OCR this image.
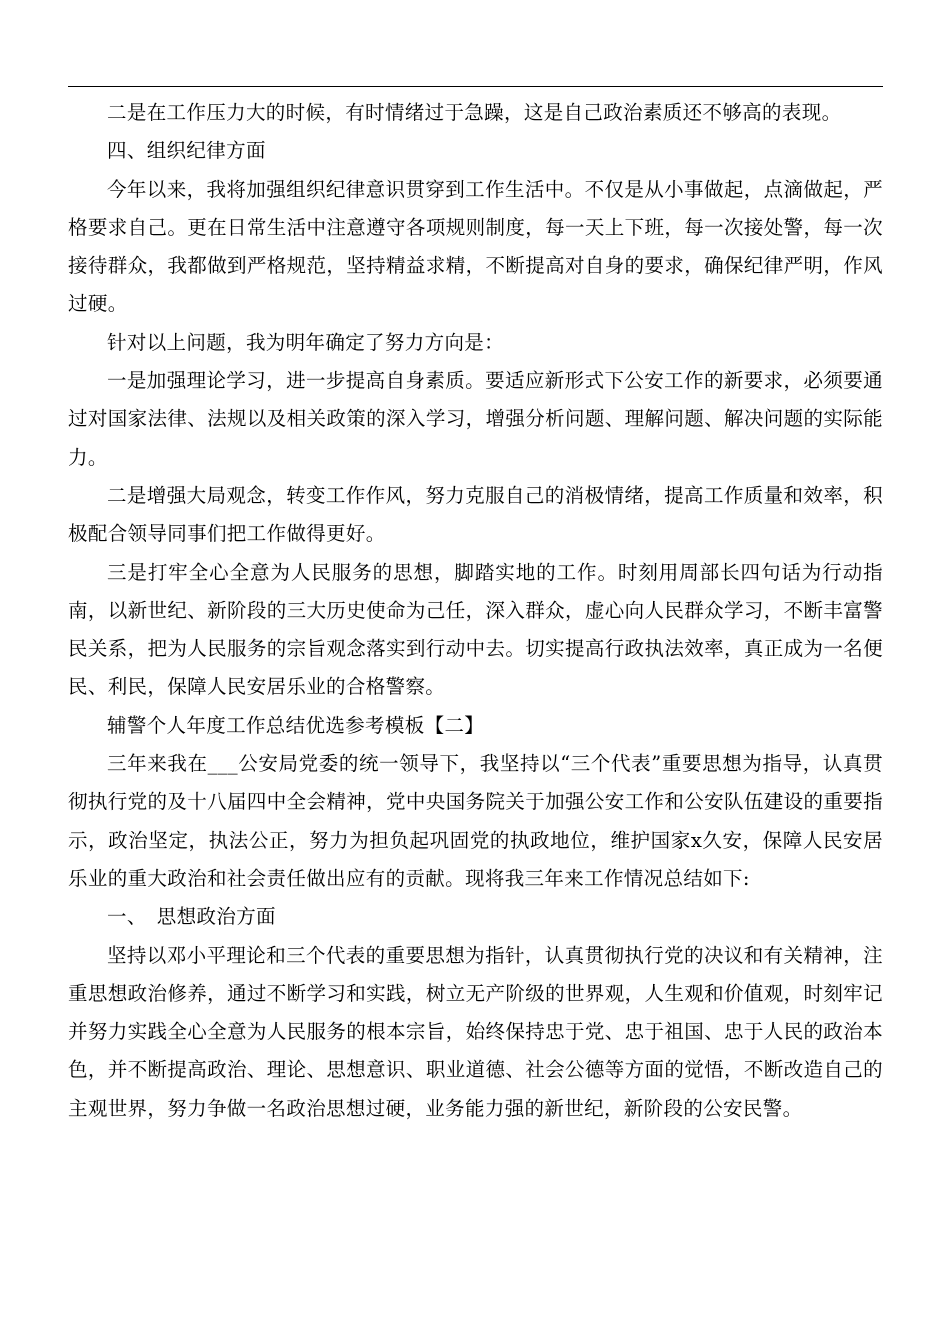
二是在工作压力大的时候，有时情绪过于急躁，这是自己政治素质还不够高的表现。

四、组织纪律方面

今年以来，我将加强组织纪律意识贯穿到工作生活中。不仅是从小事做起，点滴做起，严格要求自己。更在日常生活中注意遵守各项规则制度，每一天上下班，每一次接处警，每一次接待群众，我都做到严格规范，坚持精益求精，不断提高对自身的要求，确保纪律严明，作风过硬。

针对以上问题，我为明年确定了努力方向是：

一是加强理论学习，进一步提高自身素质。要适应新形式下公安工作的新要求，必须要通过对国家法律、法规以及相关政策的深入学习，增强分析问题、理解问题、解决问题的实际能力。

二是增强大局观念，转变工作作风，努力克服自己的消极情绪，提高工作质量和效率，积极配合领导同事们把工作做得更好。

三是打牢全心全意为人民服务的思想，脚踏实地的工作。时刻用周部长四句话为行动指南，以新世纪、新阶段的三大历史使命为己任，深入群众，虚心向人民群众学习，不断丰富警民关系，把为人民服务的宗旨观念落实到行动中去。切实提高行政执法效率，真正成为一名便民、利民，保障人民安居乐业的合格警察。

辅警个人年度工作总结优选参考模板【二】

三年来我在___公安局党委的统一领导下，我坚持以“三个代表”重要思想为指导，认真贯彻执行党的及十八届四中全会精神，党中央国务院关于加强公安工作和公安队伍建设的重要指示，政治坚定，执法公正，努力为担负起巩固党的执政地位，维护国家x久安，保障人民安居乐业的重大政治和社会责任做出应有的贡献。现将我三年来工作情况总结如下:

一、　思想政治方面

坚持以邓小平理论和三个代表的重要思想为指针，认真贯彻执行党的决议和有关精神，注重思想政治修养，通过不断学习和实践，树立无产阶级的世界观，人生观和价值观，时刻牢记并努力实践全心全意为人民服务的根本宗旨，始终保持忠于党、忠于祖国、忠于人民的政治本色，并不断提高政治、理论、思想意识、职业道德、社会公德等方面的觉悟，不断改造自己的主观世界，努力争做一名政治思想过硬，业务能力强的新世纪，新阶段的公安民警。
